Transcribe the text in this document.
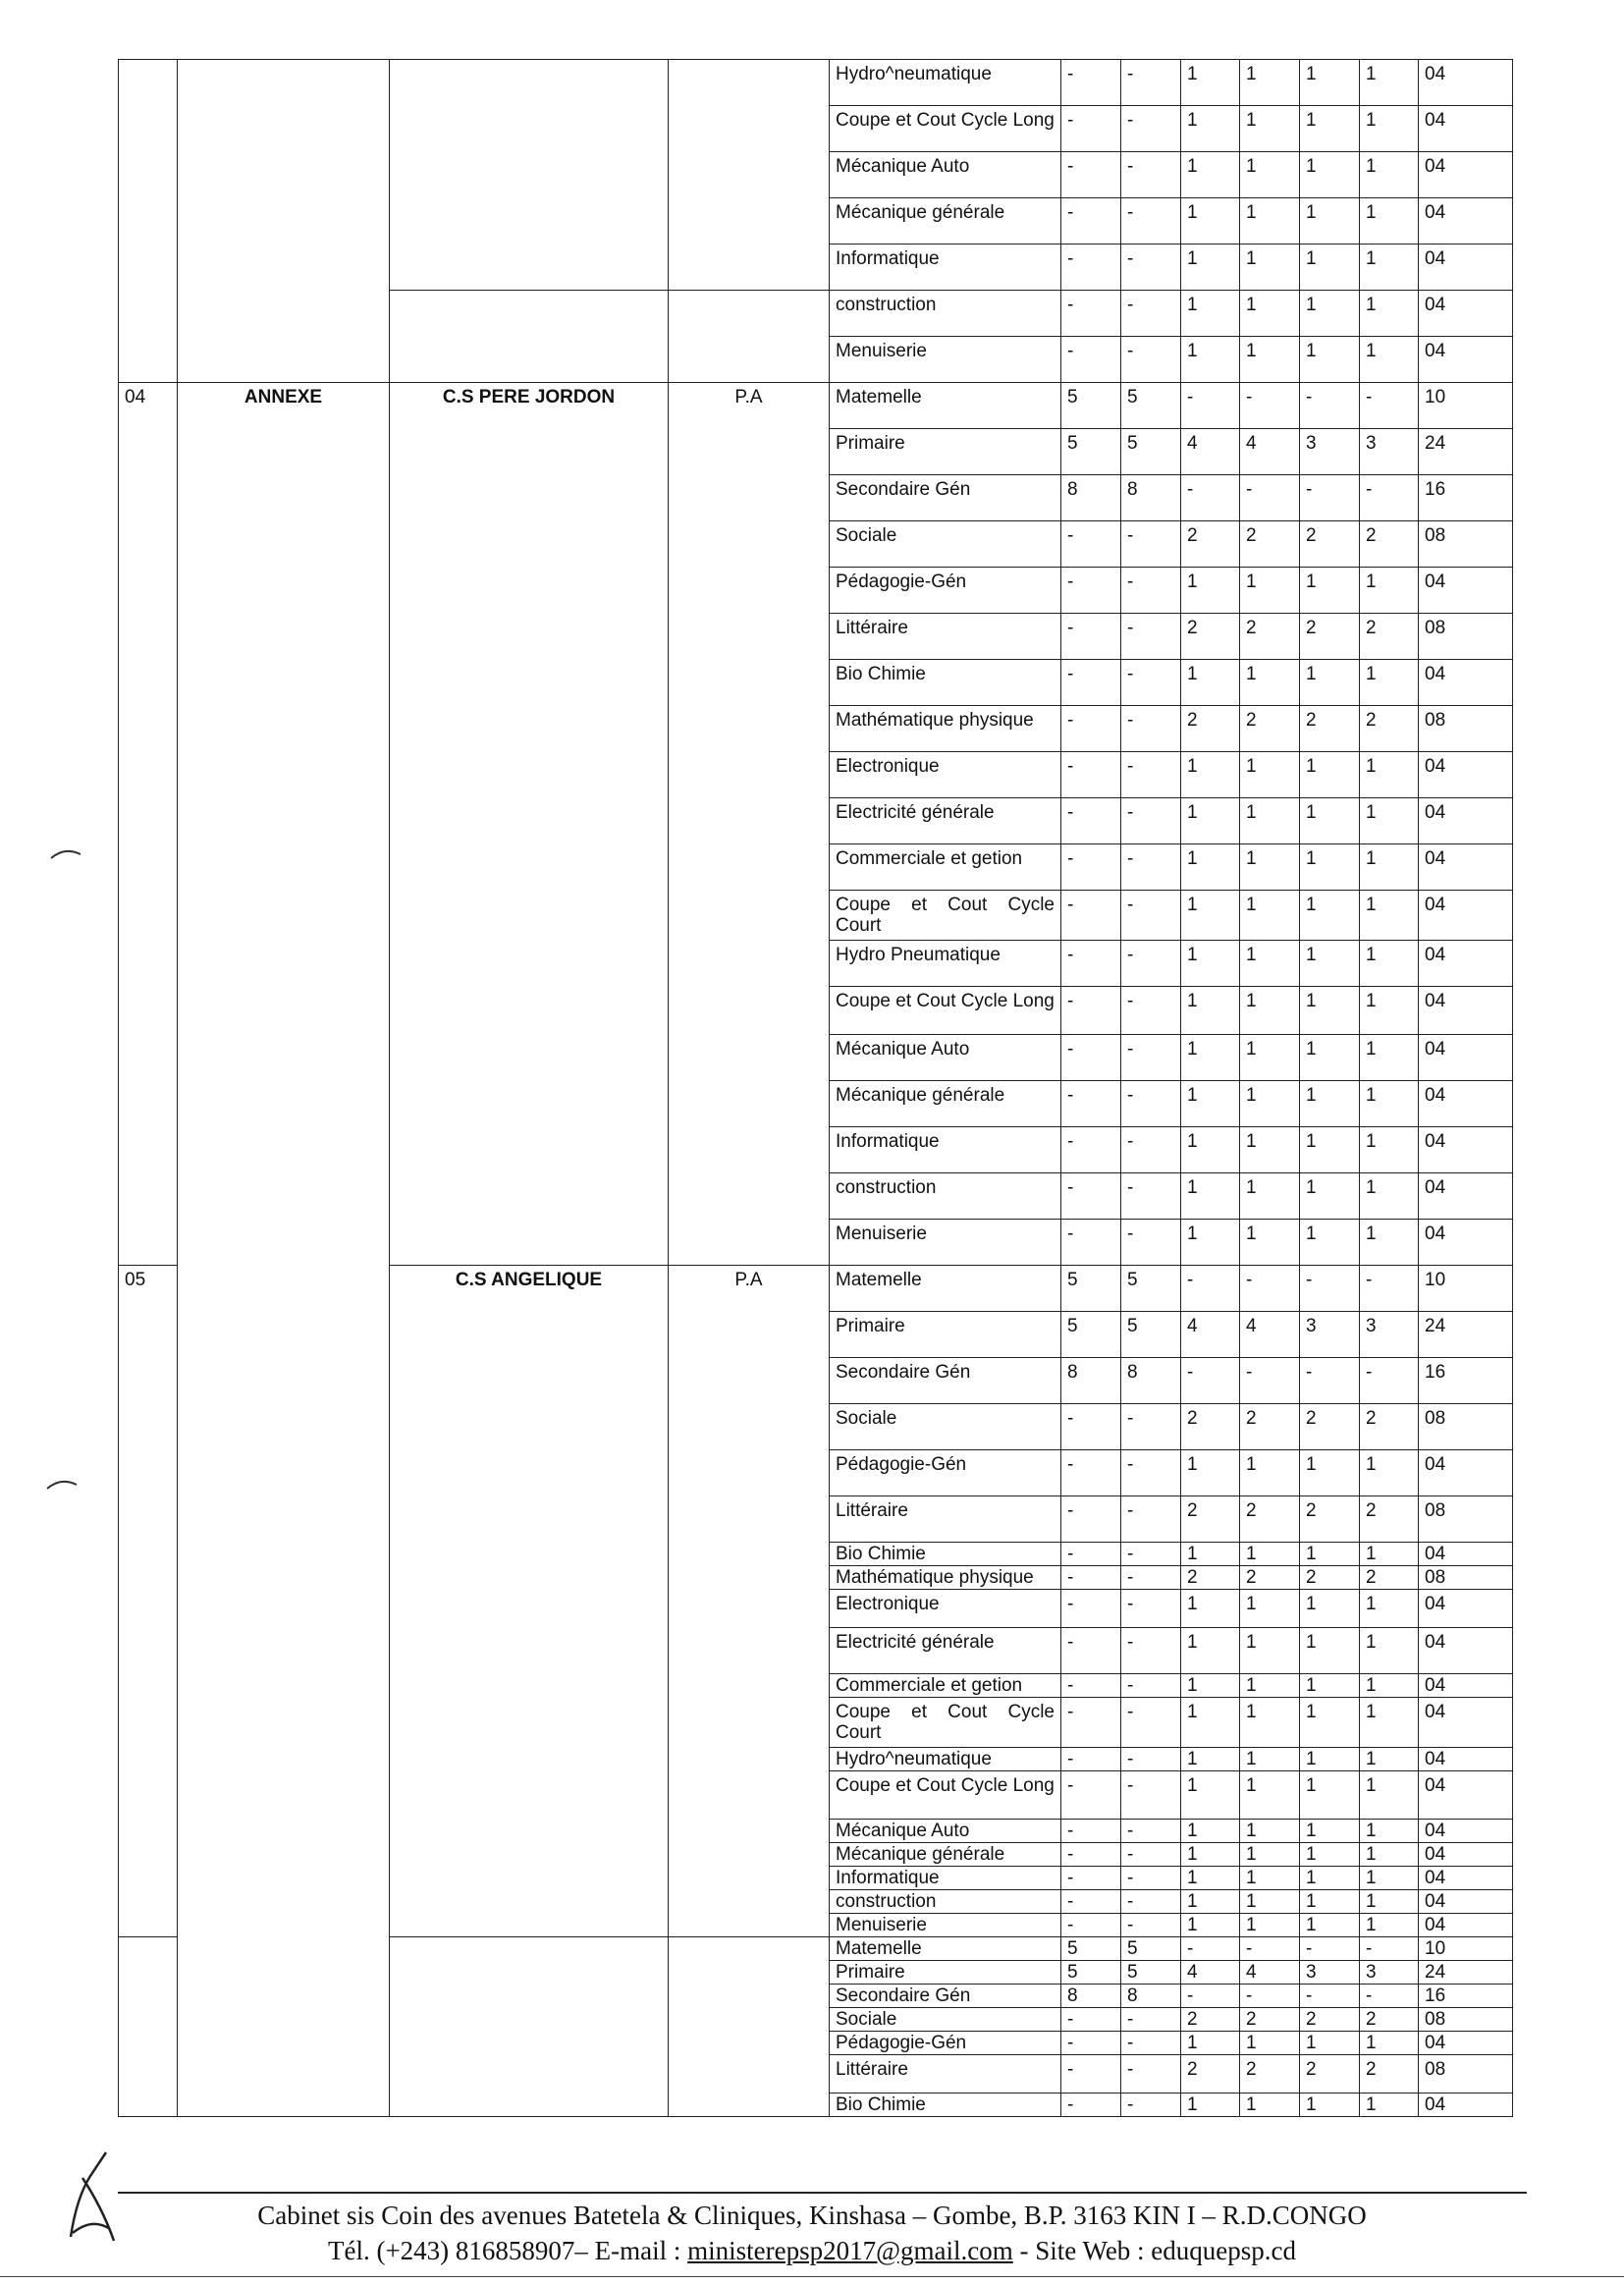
				Hydro^neumatique	-	-	1	1	1	1	04
				Coupe et Cout Cycle Long	-	-	1	1	1	1	04
				Mécanique Auto	-	-	1	1	1	1	04
				Mécanique générale	-	-	1	1	1	1	04
				Informatique	-	-	1	1	1	1	04
				construction	-	-	1	1	1	1	04
				Menuiserie	-	-	1	1	1	1	04
04	ANNEXE	C.S PERE JORDON	P.A	Matemelle	5	5	-	-	-	-	10
				Primaire	5	5	4	4	3	3	24
				Secondaire Gén	8	8	-	-	-	-	16
				Sociale	-	-	2	2	2	2	08
				Pédagogie-Gén	-	-	1	1	1	1	04
				Littéraire	-	-	2	2	2	2	08
				Bio Chimie	-	-	1	1	1	1	04
				Mathématique physique	-	-	2	2	2	2	08
				Electronique	-	-	1	1	1	1	04
				Electricité générale	-	-	1	1	1	1	04
				Commerciale et getion	-	-	1	1	1	1	04
				Coupe et Cout Cycle Court	-	-	1	1	1	1	04
				Hydro Pneumatique	-	-	1	1	1	1	04
				Coupe et Cout Cycle Long	-	-	1	1	1	1	04
				Mécanique Auto	-	-	1	1	1	1	04
				Mécanique générale	-	-	1	1	1	1	04
				Informatique	-	-	1	1	1	1	04
				construction	-	-	1	1	1	1	04
				Menuiserie	-	-	1	1	1	1	04
05		C.S ANGELIQUE	P.A	Matemelle	5	5	-	-	-	-	10
				Primaire	5	5	4	4	3	3	24
				Secondaire Gén	8	8	-	-	-	-	16
				Sociale	-	-	2	2	2	2	08
				Pédagogie-Gén	-	-	1	1	1	1	04
				Littéraire	-	-	2	2	2	2	08
				Bio Chimie	-	-	1	1	1	1	04
				Mathématique physique	-	-	2	2	2	2	08
				Electronique	-	-	1	1	1	1	04
				Electricité générale	-	-	1	1	1	1	04
				Commerciale et getion	-	-	1	1	1	1	04
				Coupe et Cout Cycle Court	-	-	1	1	1	1	04
				Hydro^neumatique	-	-	1	1	1	1	04
				Coupe et Cout Cycle Long	-	-	1	1	1	1	04
				Mécanique Auto	-	-	1	1	1	1	04
				Mécanique générale	-	-	1	1	1	1	04
				Informatique	-	-	1	1	1	1	04
				construction	-	-	1	1	1	1	04
				Menuiserie	-	-	1	1	1	1	04
				Matemelle	5	5	-	-	-	-	10
				Primaire	5	5	4	4	3	3	24
				Secondaire Gén	8	8	-	-	-	-	16
				Sociale	-	-	2	2	2	2	08
				Pédagogie-Gén	-	-	1	1	1	1	04
				Littéraire	-	-	2	2	2	2	08
				Bio Chimie	-	-	1	1	1	1	04
Cabinet sis Coin des avenues Batetela & Cliniques, Kinshasa – Gombe, B.P. 3163 KIN I – R.D.CONGO
Tél. (+243) 816858907– E-mail : ministerepsp2017@gmail.com - Site Web : eduquepsp.cd
